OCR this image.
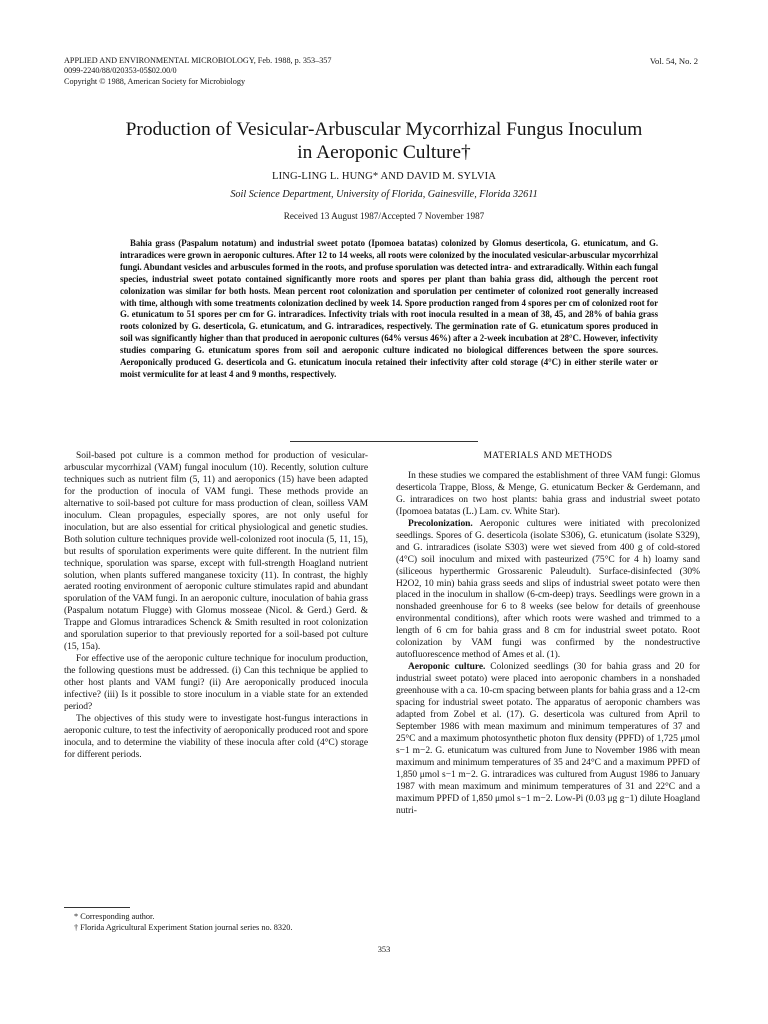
APPLIED AND ENVIRONMENTAL MICROBIOLOGY, Feb. 1988, p. 353–357
0099-2240/88/020353-05$02.00/0
Copyright © 1988, American Society for Microbiology
Vol. 54, No. 2
Production of Vesicular-Arbuscular Mycorrhizal Fungus Inoculum
in Aeroponic Culture†
LING-LING L. HUNG* AND DAVID M. SYLVIA
Soil Science Department, University of Florida, Gainesville, Florida 32611
Received 13 August 1987/Accepted 7 November 1987
Bahia grass (Paspalum notatum) and industrial sweet potato (Ipomoea batatas) colonized by Glomus deserticola, G. etunicatum, and G. intraradices were grown in aeroponic cultures. After 12 to 14 weeks, all roots were colonized by the inoculated vesicular-arbuscular mycorrhizal fungi. Abundant vesicles and arbuscules formed in the roots, and profuse sporulation was detected intra- and extraradically. Within each fungal species, industrial sweet potato contained significantly more roots and spores per plant than bahia grass did, although the percent root colonization was similar for both hosts. Mean percent root colonization and sporulation per centimeter of colonized root generally increased with time, although with some treatments colonization declined by week 14. Spore production ranged from 4 spores per cm of colonized root for G. etunicatum to 51 spores per cm for G. intraradices. Infectivity trials with root inocula resulted in a mean of 38, 45, and 28% of bahia grass roots colonized by G. deserticola, G. etunicatum, and G. intraradices, respectively. The germination rate of G. etunicatum spores produced in soil was significantly higher than that produced in aeroponic cultures (64% versus 46%) after a 2-week incubation at 28°C. However, infectivity studies comparing G. etunicatum spores from soil and aeroponic culture indicated no biological differences between the spore sources. Aeroponically produced G. deserticola and G. etunicatum inocula retained their infectivity after cold storage (4°C) in either sterile water or moist vermiculite for at least 4 and 9 months, respectively.

Soil-based pot culture is a common method for production of vesicular-arbuscular mycorrhizal (VAM) fungal inoculum (10). Recently, solution culture techniques such as nutrient film (5, 11) and aeroponics (15) have been adapted for the production of inocula of VAM fungi. These methods provide an alternative to soil-based pot culture for mass production of clean, soilless VAM inoculum. Clean propagules, especially spores, are not only useful for inoculation, but are also essential for critical physiological and genetic studies. Both solution culture techniques provide well-colonized root inocula (5, 11, 15), but results of sporulation experiments were quite different. In the nutrient film technique, sporulation was sparse, except with full-strength Hoagland nutrient solution, when plants suffered manganese toxicity (11). In contrast, the highly aerated rooting environment of aeroponic culture stimulates rapid and abundant sporulation of the VAM fungi. In an aeroponic culture, inoculation of bahia grass (Paspalum notatum Flugge) with Glomus mosseae (Nicol. & Gerd.) Gerd. & Trappe and Glomus intraradices Schenck & Smith resulted in root colonization and sporulation superior to that previously reported for a soil-based pot culture (15, 15a).

For effective use of the aeroponic culture technique for inoculum production, the following questions must be addressed. (i) Can this technique be applied to other host plants and VAM fungi? (ii) Are aeroponically produced inocula infective? (iii) Is it possible to store inoculum in a viable state for an extended period?

The objectives of this study were to investigate host-fungus interactions in aeroponic culture, to test the infectivity of aeroponically produced root and spore inocula, and to determine the viability of these inocula after cold (4°C) storage for different periods.

* Corresponding author.
† Florida Agricultural Experiment Station journal series no. 8320.
MATERIALS AND METHODS

In these studies we compared the establishment of three VAM fungi: Glomus deserticola Trappe, Bloss, & Menge, G. etunicatum Becker & Gerdemann, and G. intraradices on two host plants: bahia grass and industrial sweet potato (Ipomoea batatas (L.) Lam. cv. White Star).

Precolonization. Aeroponic cultures were initiated with precolonized seedlings. Spores of G. deserticola (isolate S306), G. etunicatum (isolate S329), and G. intraradices (isolate S303) were wet sieved from 400 g of cold-stored (4°C) soil inoculum and mixed with pasteurized (75°C for 4 h) loamy sand (siliceous hyperthermic Grossarenic Paleudult). Surface-disinfected (30% H2O2, 10 min) bahia grass seeds and slips of industrial sweet potato were then placed in the inoculum in shallow (6-cm-deep) trays. Seedlings were grown in a nonshaded greenhouse for 6 to 8 weeks (see below for details of greenhouse environmental conditions), after which roots were washed and trimmed to a length of 6 cm for bahia grass and 8 cm for industrial sweet potato. Root colonization by VAM fungi was confirmed by the nondestructive autofluorescence method of Ames et al. (1).

Aeroponic culture. Colonized seedlings (30 for bahia grass and 20 for industrial sweet potato) were placed into aeroponic chambers in a nonshaded greenhouse with a ca. 10-cm spacing between plants for bahia grass and a 12-cm spacing for industrial sweet potato. The apparatus of aeroponic chambers was adapted from Zobel et al. (17). G. deserticola was cultured from April to September 1986 with mean maximum and minimum temperatures of 37 and 25°C and a maximum photosynthetic photon flux density (PPFD) of 1,725 μmol s−1 m−2. G. etunicatum was cultured from June to November 1986 with mean maximum and minimum temperatures of 35 and 24°C and a maximum PPFD of 1,850 μmol s−1 m−2. G. intraradices was cultured from August 1986 to January 1987 with mean maximum and minimum temperatures of 31 and 22°C and a maximum PPFD of 1,850 μmol s−1 m−2. Low-Pi (0.03 μg g−1) dilute Hoagland nutri-

353
